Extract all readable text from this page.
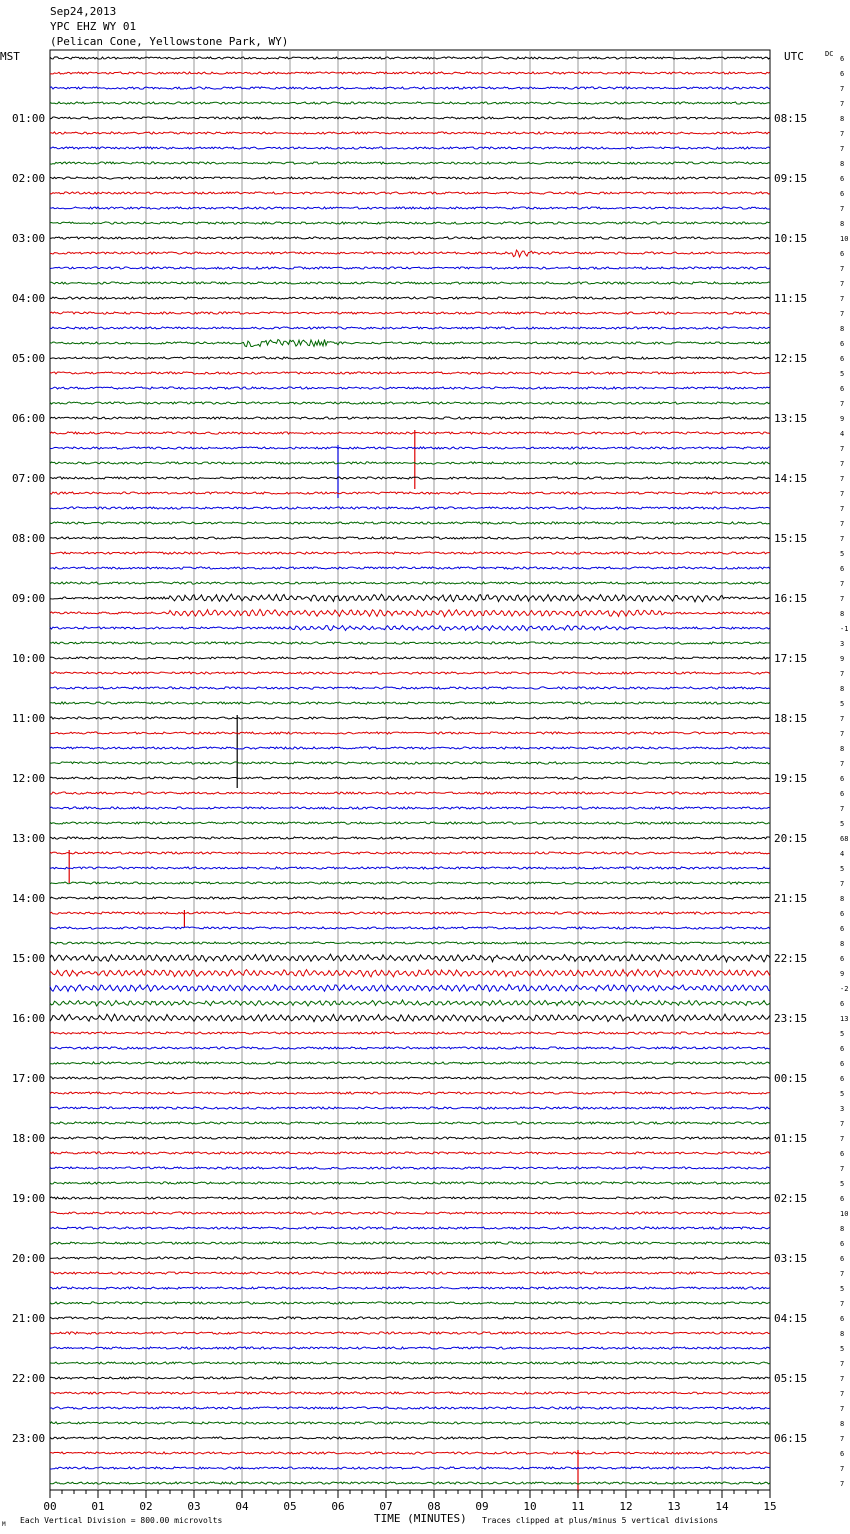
6
6
7
7
8
7
7
8
6
6
7
8
10
6
7
7
7
7
8
6
6
5
6
7
9
4
7
7
7
7
7
7
7
5
6
7
7
8
-1
3
9
7
8
5
7
7
8
7
6
6
7
5
68
4
5
7
8
6
6
8
6
9
-2
6
13
5
6
6
6
5
3
7
7
6
7
5
6
10
8
6
6
7
5
7
6
8
5
7
7
7
7
8
7
6
7
7
01:00	08:15
02:00	09:15
03:00	10:15
04:00	11:15
05:00	12:15
06:00	13:15
07:00	14:15
08:00	15:15
09:00	16:15
10:00	17:15
11:00	18:15
12:00	19:15
13:00	20:15
14:00	21:15
15:00	22:15
16:00	23:15
17:00	00:15
18:00	01:15
19:00	02:15
20:00	03:15
21:00	04:15
22:00	05:15
23:00	06:15
MST	UTC	DC
00	01	02	03	04	05	06	07	08	09	10	11	12	13	14	15
Each Vertical Division = 800.00 microvolts	TIME (MINUTES) Traces clipped at plus/minus 5 vertical divisions
M
Sep24,2013
YPC EHZ WY 01
(Pelican Cone, Yellowstone Park, WY)
